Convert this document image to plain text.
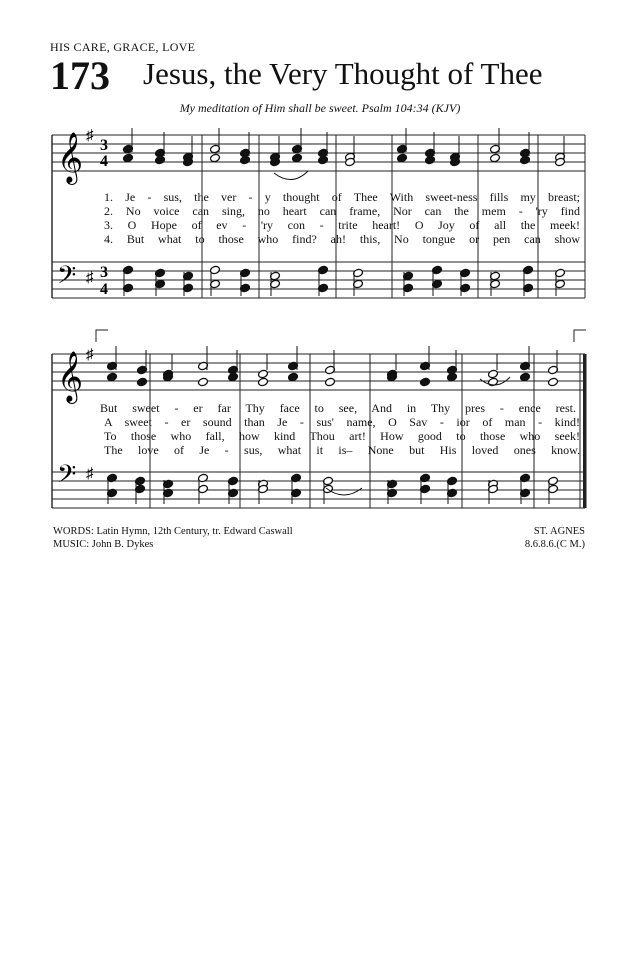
HIS CARE, GRACE, LOVE
173 Jesus, the Very Thought of Thee
My meditation of Him shall be sweet. Psalm 104:34 (KJV)
𝄞
𝄢
𝄞
𝄢
♯
♯
♯
♯
3
4
3
4
1. Je - sus, the ver - y thought of Thee With sweet-ness fills my breast;
2. No voice can sing, no heart can frame, Nor can the mem - 'ry find
3. O Hope of ev - 'ry con - trite heart! O Joy of all the meek!
4. But what to those who find? ah! this, No tongue or pen can show
But sweet - er far Thy face to see, And in Thy pres - ence rest.
A sweet - er sound than Je - sus' name, O Sav - ior of man - kind!
To those who fall, how kind Thou art! How good to those who seek!
The love of Je - sus, what it is– None but His loved ones know.
WORDS: Latin Hymn, 12th Century, tr. Edward Caswall
MUSIC: John B. Dykes
ST. AGNES
8.6.8.6.(C M.)
